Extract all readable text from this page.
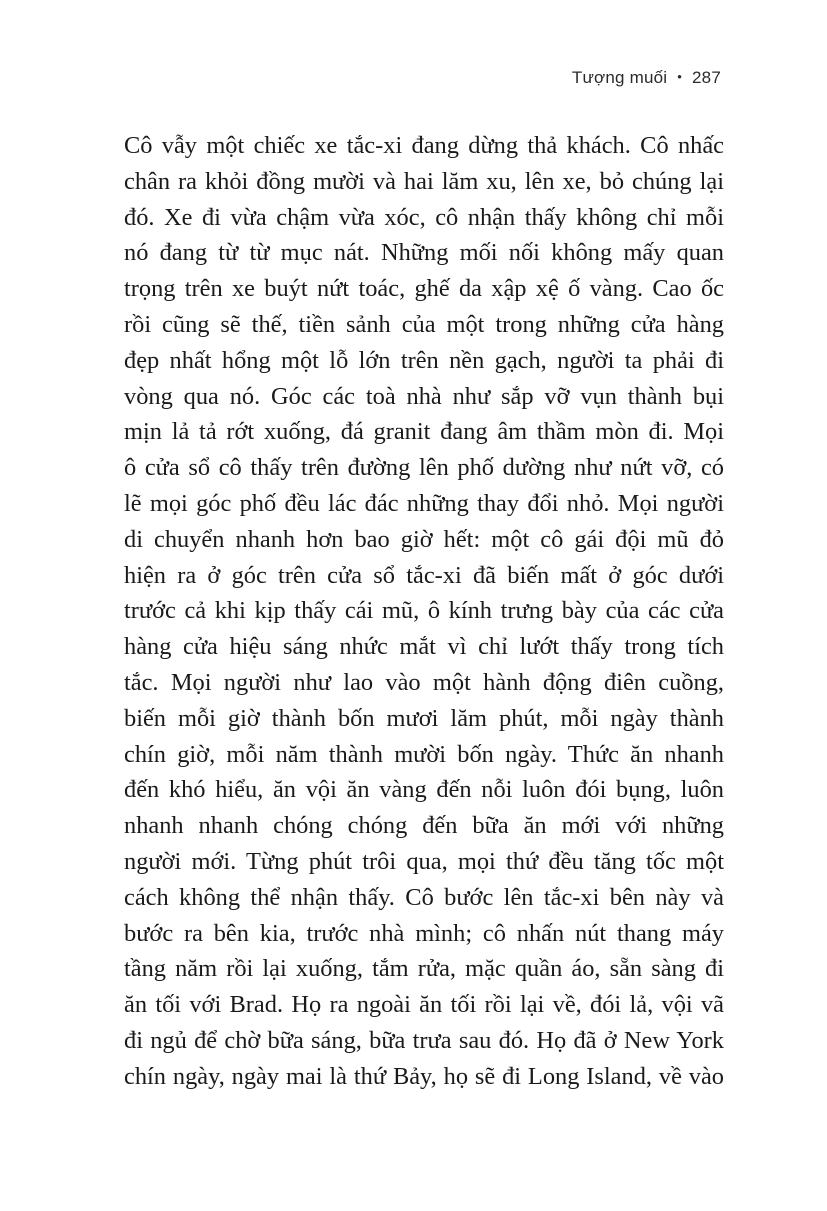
Tượng muối • 287
Cô vẫy một chiếc xe tắc-xi đang dừng thả khách. Cô nhấc
chân ra khỏi đồng mười và hai lăm xu, lên xe, bỏ chúng lại
đó. Xe đi vừa chậm vừa xóc, cô nhận thấy không chỉ mỗi
nó đang từ từ mục nát. Những mối nối không mấy quan
trọng trên xe buýt nứt toác, ghế da xập xệ ố vàng. Cao ốc
rồi cũng sẽ thế, tiền sảnh của một trong những cửa hàng
đẹp nhất hổng một lỗ lớn trên nền gạch, người ta phải đi
vòng qua nó. Góc các toà nhà như sắp vỡ vụn thành bụi
mịn lả tả rớt xuống, đá granit đang âm thầm mòn đi. Mọi
ô cửa sổ cô thấy trên đường lên phố dường như nứt vỡ, có
lẽ mọi góc phố đều lác đác những thay đổi nhỏ. Mọi người
di chuyển nhanh hơn bao giờ hết: một cô gái đội mũ đỏ
hiện ra ở góc trên cửa sổ tắc-xi đã biến mất ở góc dưới
trước cả khi kịp thấy cái mũ, ô kính trưng bày của các cửa
hàng cửa hiệu sáng nhức mắt vì chỉ lướt thấy trong tích
tắc. Mọi người như lao vào một hành động điên cuồng,
biến mỗi giờ thành bốn mươi lăm phút, mỗi ngày thành
chín giờ, mỗi năm thành mười bốn ngày. Thức ăn nhanh
đến khó hiểu, ăn vội ăn vàng đến nỗi luôn đói bụng, luôn
nhanh nhanh chóng chóng đến bữa ăn mới với những
người mới. Từng phút trôi qua, mọi thứ đều tăng tốc một
cách không thể nhận thấy. Cô bước lên tắc-xi bên này và
bước ra bên kia, trước nhà mình; cô nhấn nút thang máy
tầng năm rồi lại xuống, tắm rửa, mặc quần áo, sẵn sàng đi
ăn tối với Brad. Họ ra ngoài ăn tối rồi lại về, đói lả, vội vã
đi ngủ để chờ bữa sáng, bữa trưa sau đó. Họ đã ở New York
chín ngày, ngày mai là thứ Bảy, họ sẽ đi Long Island, về vào
